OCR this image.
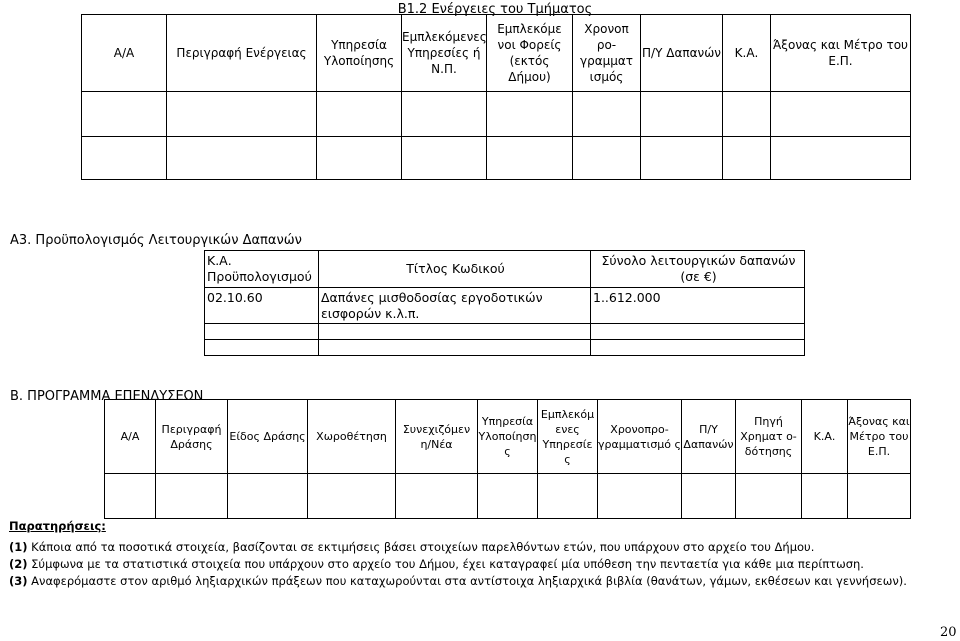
B1.2 Ενέργειες του Τμήματος
Α/Α	Περιγραφή Ενέργειας	Υπηρεσία Υλοποίησης	Εμπλεκόμενες Υπηρεσίες ή Ν.Π.	Εμπλεκόμε νοι Φορείς (εκτός Δήμου)	Χρονοπ ρο-γραμματ ισμός	Π/Υ Δαπανών	Κ.Α.	Άξονας και Μέτρο του Ε.Π.

Α3. Προϋπολογισμός Λειτουργικών Δαπανών
Κ.Α. Προϋπολογισμού	Τίτλος Κωδικού	Σύνολο λειτουργικών δαπανών (σε €)
02.10.60	Δαπάνες μισθοδοσίας εργοδοτικών εισφορών κ.λ.π.	1..612.000

Β. ΠΡΟΓΡΑΜΜΑ ΕΠΕΝΔΥΣΕΩΝ
Α/Α	Περιγραφή Δράσης	Είδος Δράσης	Χωροθέτηση	Συνεχιζόμεν η/Νέα	Υπηρεσία Υλοποίηση ς	Εμπλεκόμ ενες Υπηρεσίε ς	Χρονοπρο-γραμματισμό ς	Π/Υ Δαπανών	Πηγή Χρηματ ο-δότησης	Κ.Α.	Άξονας και Μέτρο του Ε.Π.

Παρατηρήσεις:
(1) Κάποια από τα ποσοτικά στοιχεία, βασίζονται σε εκτιμήσεις βάσει στοιχείων παρελθόντων ετών, που υπάρχουν στο αρχείο του Δήμου.
(2) Σύμφωνα με τα στατιστικά στοιχεία που υπάρχουν στο αρχείο του Δήμου, έχει καταγραφεί μία υπόθεση την πενταετία για κάθε μια περίπτωση.
(3) Αναφερόμαστε στον αριθμό ληξιαρχικών πράξεων που καταχωρούνται στα αντίστοιχα ληξιαρχικά βιβλία (θανάτων, γάμων, εκθέσεων και γεννήσεων).
20
